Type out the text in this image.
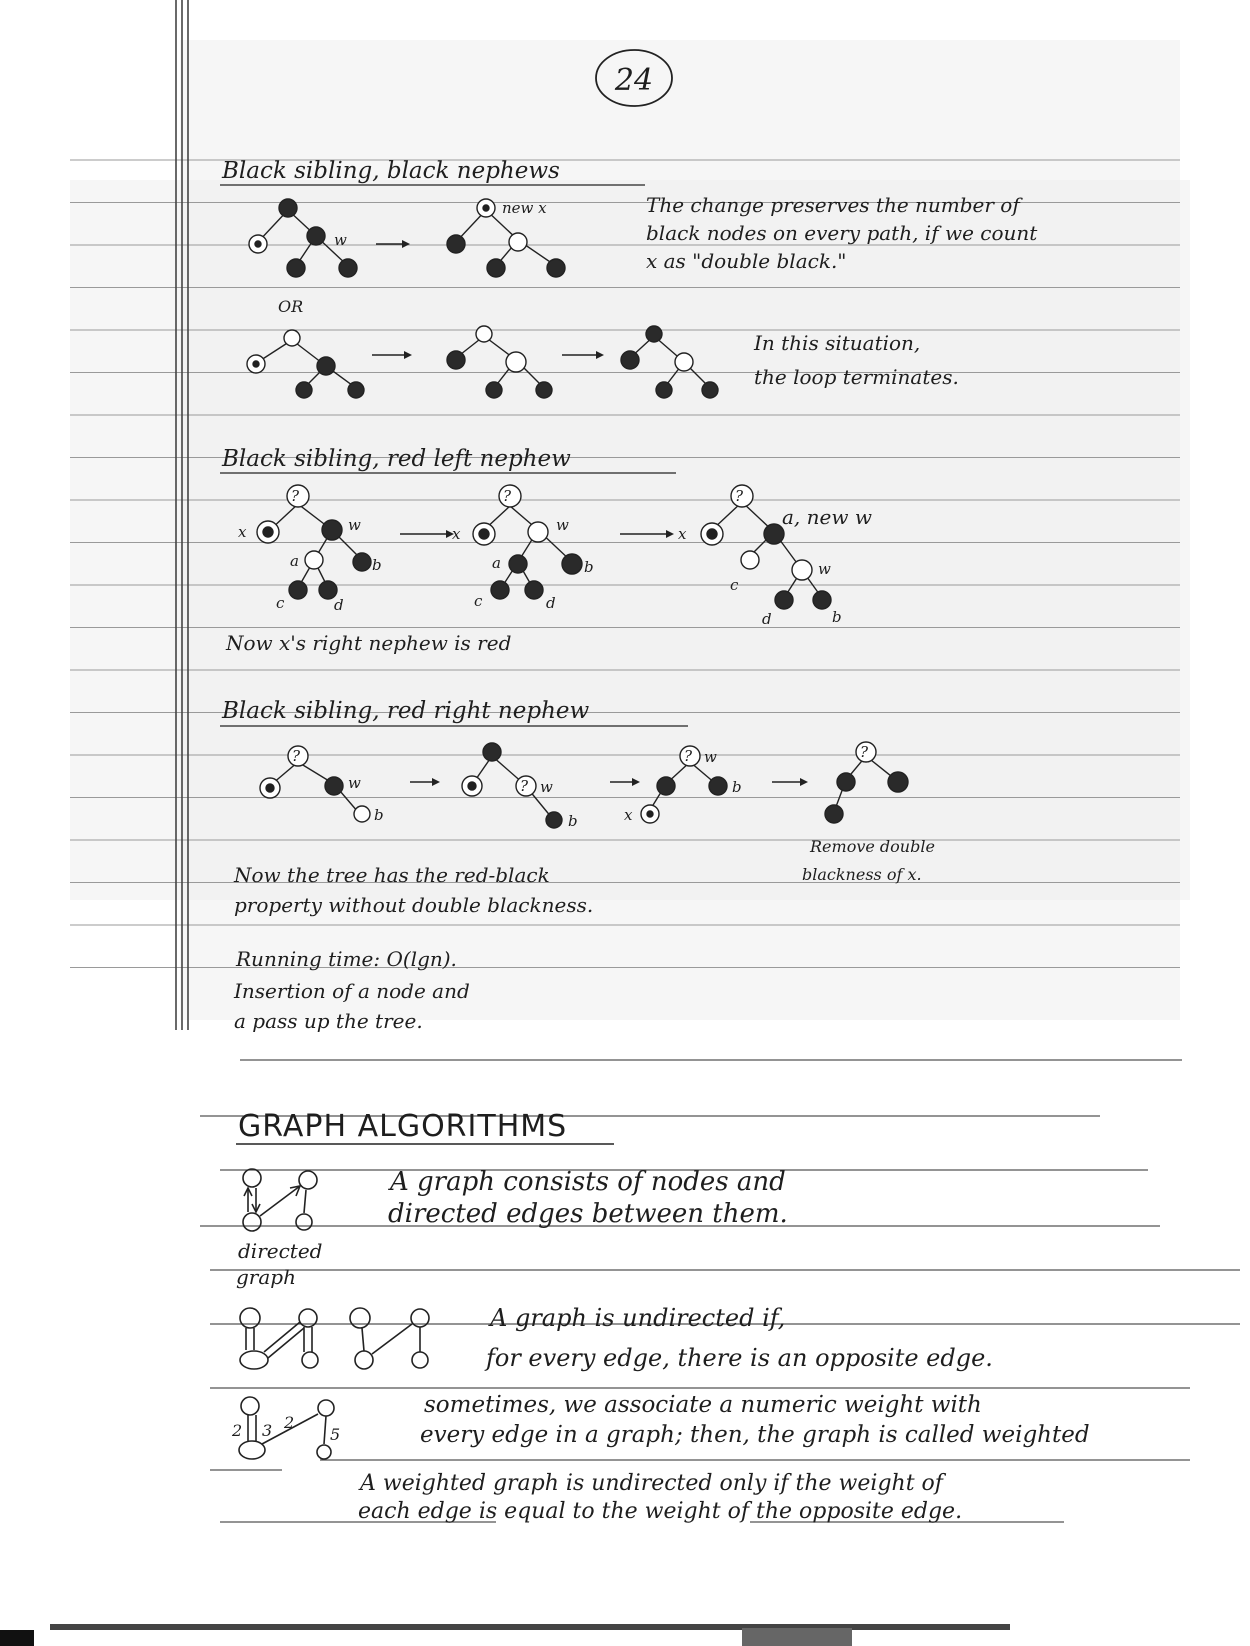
24
Black sibling, black nephews
w
new x	The change preserves the number of
black nodes on every path, if we count
x as "double black."
OR
In this situation,
the loop terminates.
Black sibling, red left nephew
?
x	w
a	b
c	d
x
?
w
a	b
c	d
x
?
a, new w
w
c
d	b
Now x's right nephew is red
Black sibling, red right nephew
?
w
b
? w
b
? w
b
x
?
Remove double
blackness of x.
Now the tree has the red-black
property without double blackness.
Running time: O(lgn).
Insertion of a node and
a pass up the tree.
GRAPH ALGORITHMS
directed
graph
A graph consists of nodes and
directed edges between them.
A graph is undirected if,
for every edge, there is an opposite edge.
2 3 2
5
sometimes, we associate a numeric weight with
every edge in a graph; then, the graph is called weighted
A weighted graph is undirected only if the weight of
each edge is equal to the weight of the opposite edge.
